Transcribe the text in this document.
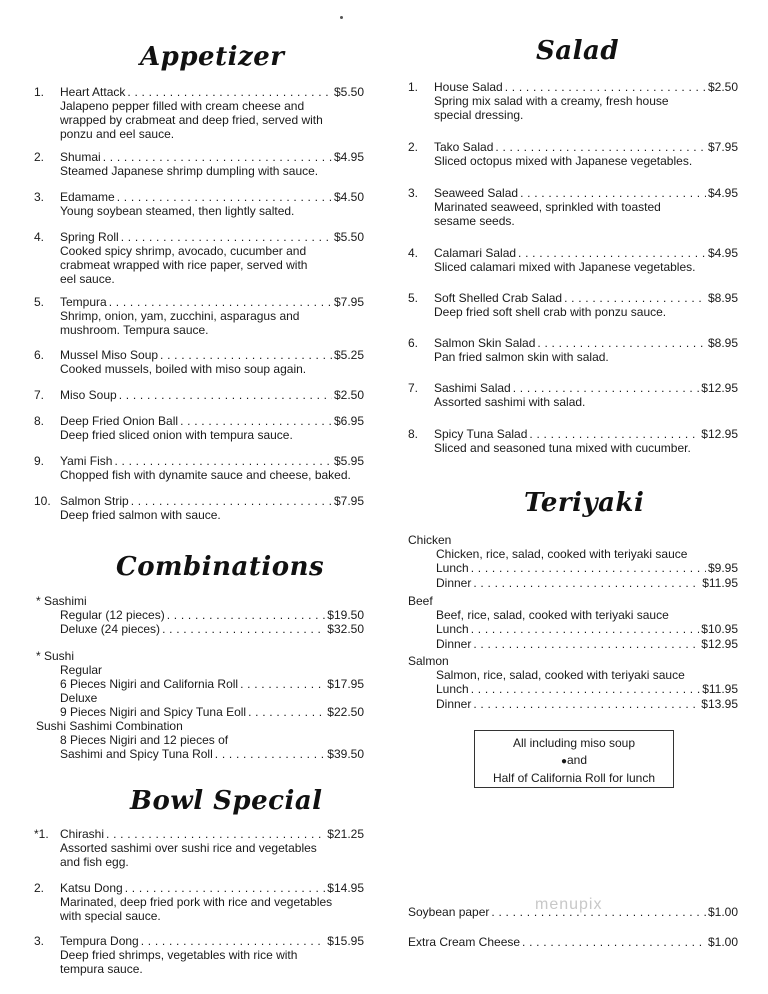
Appetizer
1.	Heart Attack . . .	$5.50
Jalapeno pepper filled with cream cheese and
wrapped by crabmeat and deep fried, served with
ponzu and eel sauce.
2.	Shumai . . .	$4.95
Steamed Japanese shrimp dumpling with sauce.
3.	Edamame . . .	$4.50
Young soybean steamed, then lightly salted.
4.	Spring Roll . . .	$5.50
Cooked spicy shrimp, avocado, cucumber and
crabmeat wrapped with rice paper, served with
eel sauce.
5.	Tempura . . .	$7.95
Shrimp, onion, yam, zucchini, asparagus and
mushroom. Tempura sauce.
6.	Mussel Miso Soup . . .	$5.25
Cooked mussels, boiled with miso soup again.
7.	Miso Soup . . .	$2.50
8.	Deep Fried Onion Ball . . .	$6.95
Deep fried sliced onion with tempura sauce.
9.	Yami Fish . . .	$5.95
Chopped fish with dynamite sauce and cheese, baked.
10. Salmon Strip . . .	$7.95
Deep fried salmon with sauce.
Combinations
* Sashimi
Regular (12 pieces) . . .	$19.50
Deluxe (24 pieces) . . .	$32.50
* Sushi
Regular
6 Pieces Nigiri and California Roll . . .	$17.95
Deluxe
9 Pieces Nigiri and Spicy Tuna Eoll . . .	$22.50
Sushi Sashimi Combination
8 Pieces Nigiri and 12 pieces of
Sashimi and Spicy Tuna Roll . . .	$39.50
Bowl Special
*1. Chirashi . . .	$21.25
Assorted sashimi over sushi rice and vegetables
and fish egg.
2.	Katsu Dong . . .	$14.95
Marinated, deep fried pork with rice and vegetables
with special sauce.
3.	Tempura Dong . . .	$15.95
Deep fried shrimps, vegetables with rice with
tempura sauce.
Salad
1.	House Salad . . .	$2.50
Spring mix salad with a creamy, fresh house
special dressing.
2.	Tako Salad . . .	$7.95
Sliced octopus mixed with Japanese vegetables.
3.	Seaweed Salad . . .	$4.95
Marinated seaweed, sprinkled with toasted
sesame seeds.
4.	Calamari Salad . . .	$4.95
Sliced calamari mixed with Japanese vegetables.
5.	Soft Shelled Crab Salad . . .	$8.95
Deep fried soft shell crab with ponzu sauce.
6.	Salmon Skin Salad . . .	$8.95
Pan fried salmon skin with salad.
7.	Sashimi Salad . . .	$12.95
Assorted sashimi with salad.
8.	Spicy Tuna Salad . . .	$12.95
Sliced and seasoned tuna mixed with cucumber.
Teriyaki
Chicken
Chicken, rice, salad, cooked with teriyaki sauce
Lunch . . .	$9.95
Dinner . . .	$11.95
Beef
Beef, rice, salad, cooked with teriyaki sauce
Lunch . . .	$10.95
Dinner . . .	$12.95
Salmon
Salmon, rice, salad, cooked with teriyaki sauce
Lunch . . .	$11.95
Dinner . . .	$13.95
Soybean paper . . .	$1.00
Extra Cream Cheese . . .	$1.00
All including miso soup
●and
Half of California Roll for lunch
menupix
